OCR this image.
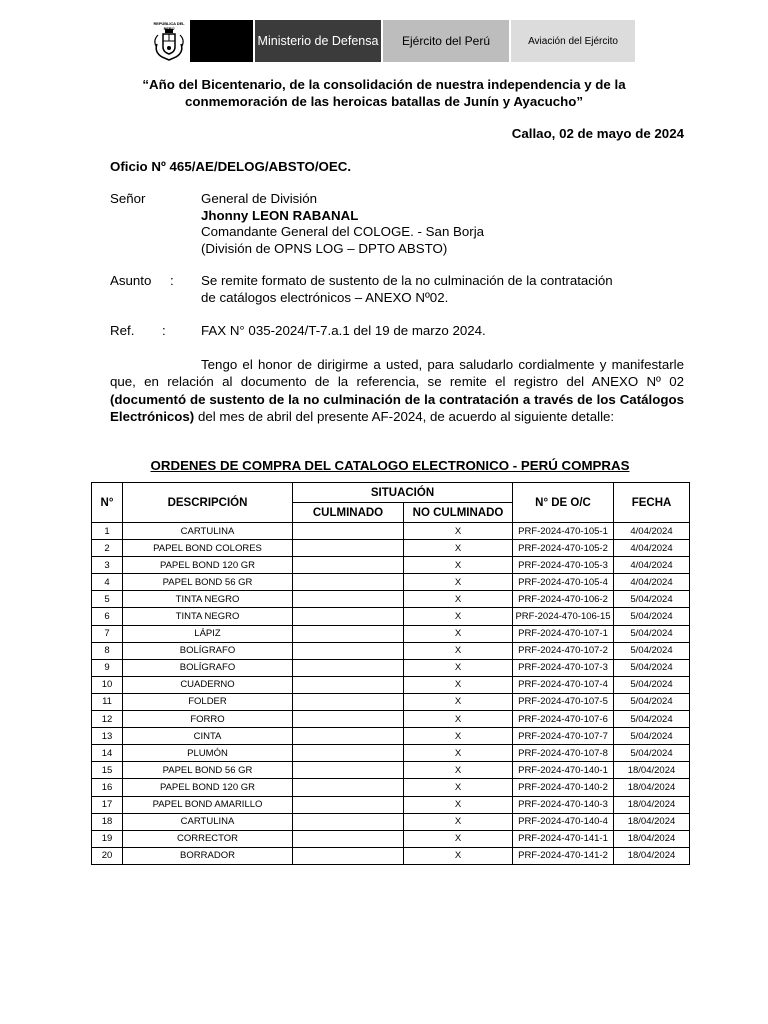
REPÚBLICA DEL PERÚ
Ministerio de Defensa	Ejército del Perú	Aviación del Ejército
“Año del Bicentenario, de la consolidación de nuestra independencia y de la
conmemoración de las heroicas batallas de Junín y Ayacucho”
Callao, 02 de mayo de 2024
Oficio Nº 465/AE/DELOG/ABSTO/OEC.
Señor	General de División
Jhonny LEON RABANAL
Comandante General del COLOGE. - San Borja
(División de OPNS LOG – DPTO ABSTO)
Asunto : Se remite formato de sustento de la no culminación de la contratación
de catálogos electrónicos – ANEXO Nº02.
Ref. :	FAX N° 035-2024/T-7.a.1 del 19 de marzo 2024.
Tengo el honor de dirigirme a usted, para saludarlo cordialmente y manifestarle que, en relación al documento de la referencia, se remite el registro del ANEXO Nº 02 (documentó de sustento de la no culminación de la contratación a través de los Catálogos Electrónicos) del mes de abril del presente AF-2024, de acuerdo al siguiente detalle:
ORDENES DE COMPRA DEL CATALOGO ELECTRONICO - PERÚ COMPRAS
N°	DESCRIPCIÓN	SITUACIÓN		N° DE O/C	FECHA
		CULMINADO	NO CULMINADO		
1	CARTULINA		X	PRF-2024-470-105-1	4/04/2024
2	PAPEL BOND COLORES		X	PRF-2024-470-105-2	4/04/2024
3	PAPEL BOND 120 GR		X	PRF-2024-470-105-3	4/04/2024
4	PAPEL BOND 56 GR		X	PRF-2024-470-105-4	4/04/2024
5	TINTA NEGRO		X	PRF-2024-470-106-2	5/04/2024
6	TINTA NEGRO		X	PRF-2024-470-106-15	5/04/2024
7	LÁPIZ		X	PRF-2024-470-107-1	5/04/2024
8	BOLÍGRAFO		X	PRF-2024-470-107-2	5/04/2024
9	BOLÍGRAFO		X	PRF-2024-470-107-3	5/04/2024
10	CUADERNO		X	PRF-2024-470-107-4	5/04/2024
11	FOLDER		X	PRF-2024-470-107-5	5/04/2024
12	FORRO		X	PRF-2024-470-107-6	5/04/2024
13	CINTA		X	PRF-2024-470-107-7	5/04/2024
14	PLUMÓN		X	PRF-2024-470-107-8	5/04/2024
15	PAPEL BOND 56 GR		X	PRF-2024-470-140-1	18/04/2024
16	PAPEL BOND 120 GR		X	PRF-2024-470-140-2	18/04/2024
17	PAPEL BOND AMARILLO		X	PRF-2024-470-140-3	18/04/2024
18	CARTULINA		X	PRF-2024-470-140-4	18/04/2024
19	CORRECTOR		X	PRF-2024-470-141-1	18/04/2024
20	BORRADOR		X	PRF-2024-470-141-2	18/04/2024
